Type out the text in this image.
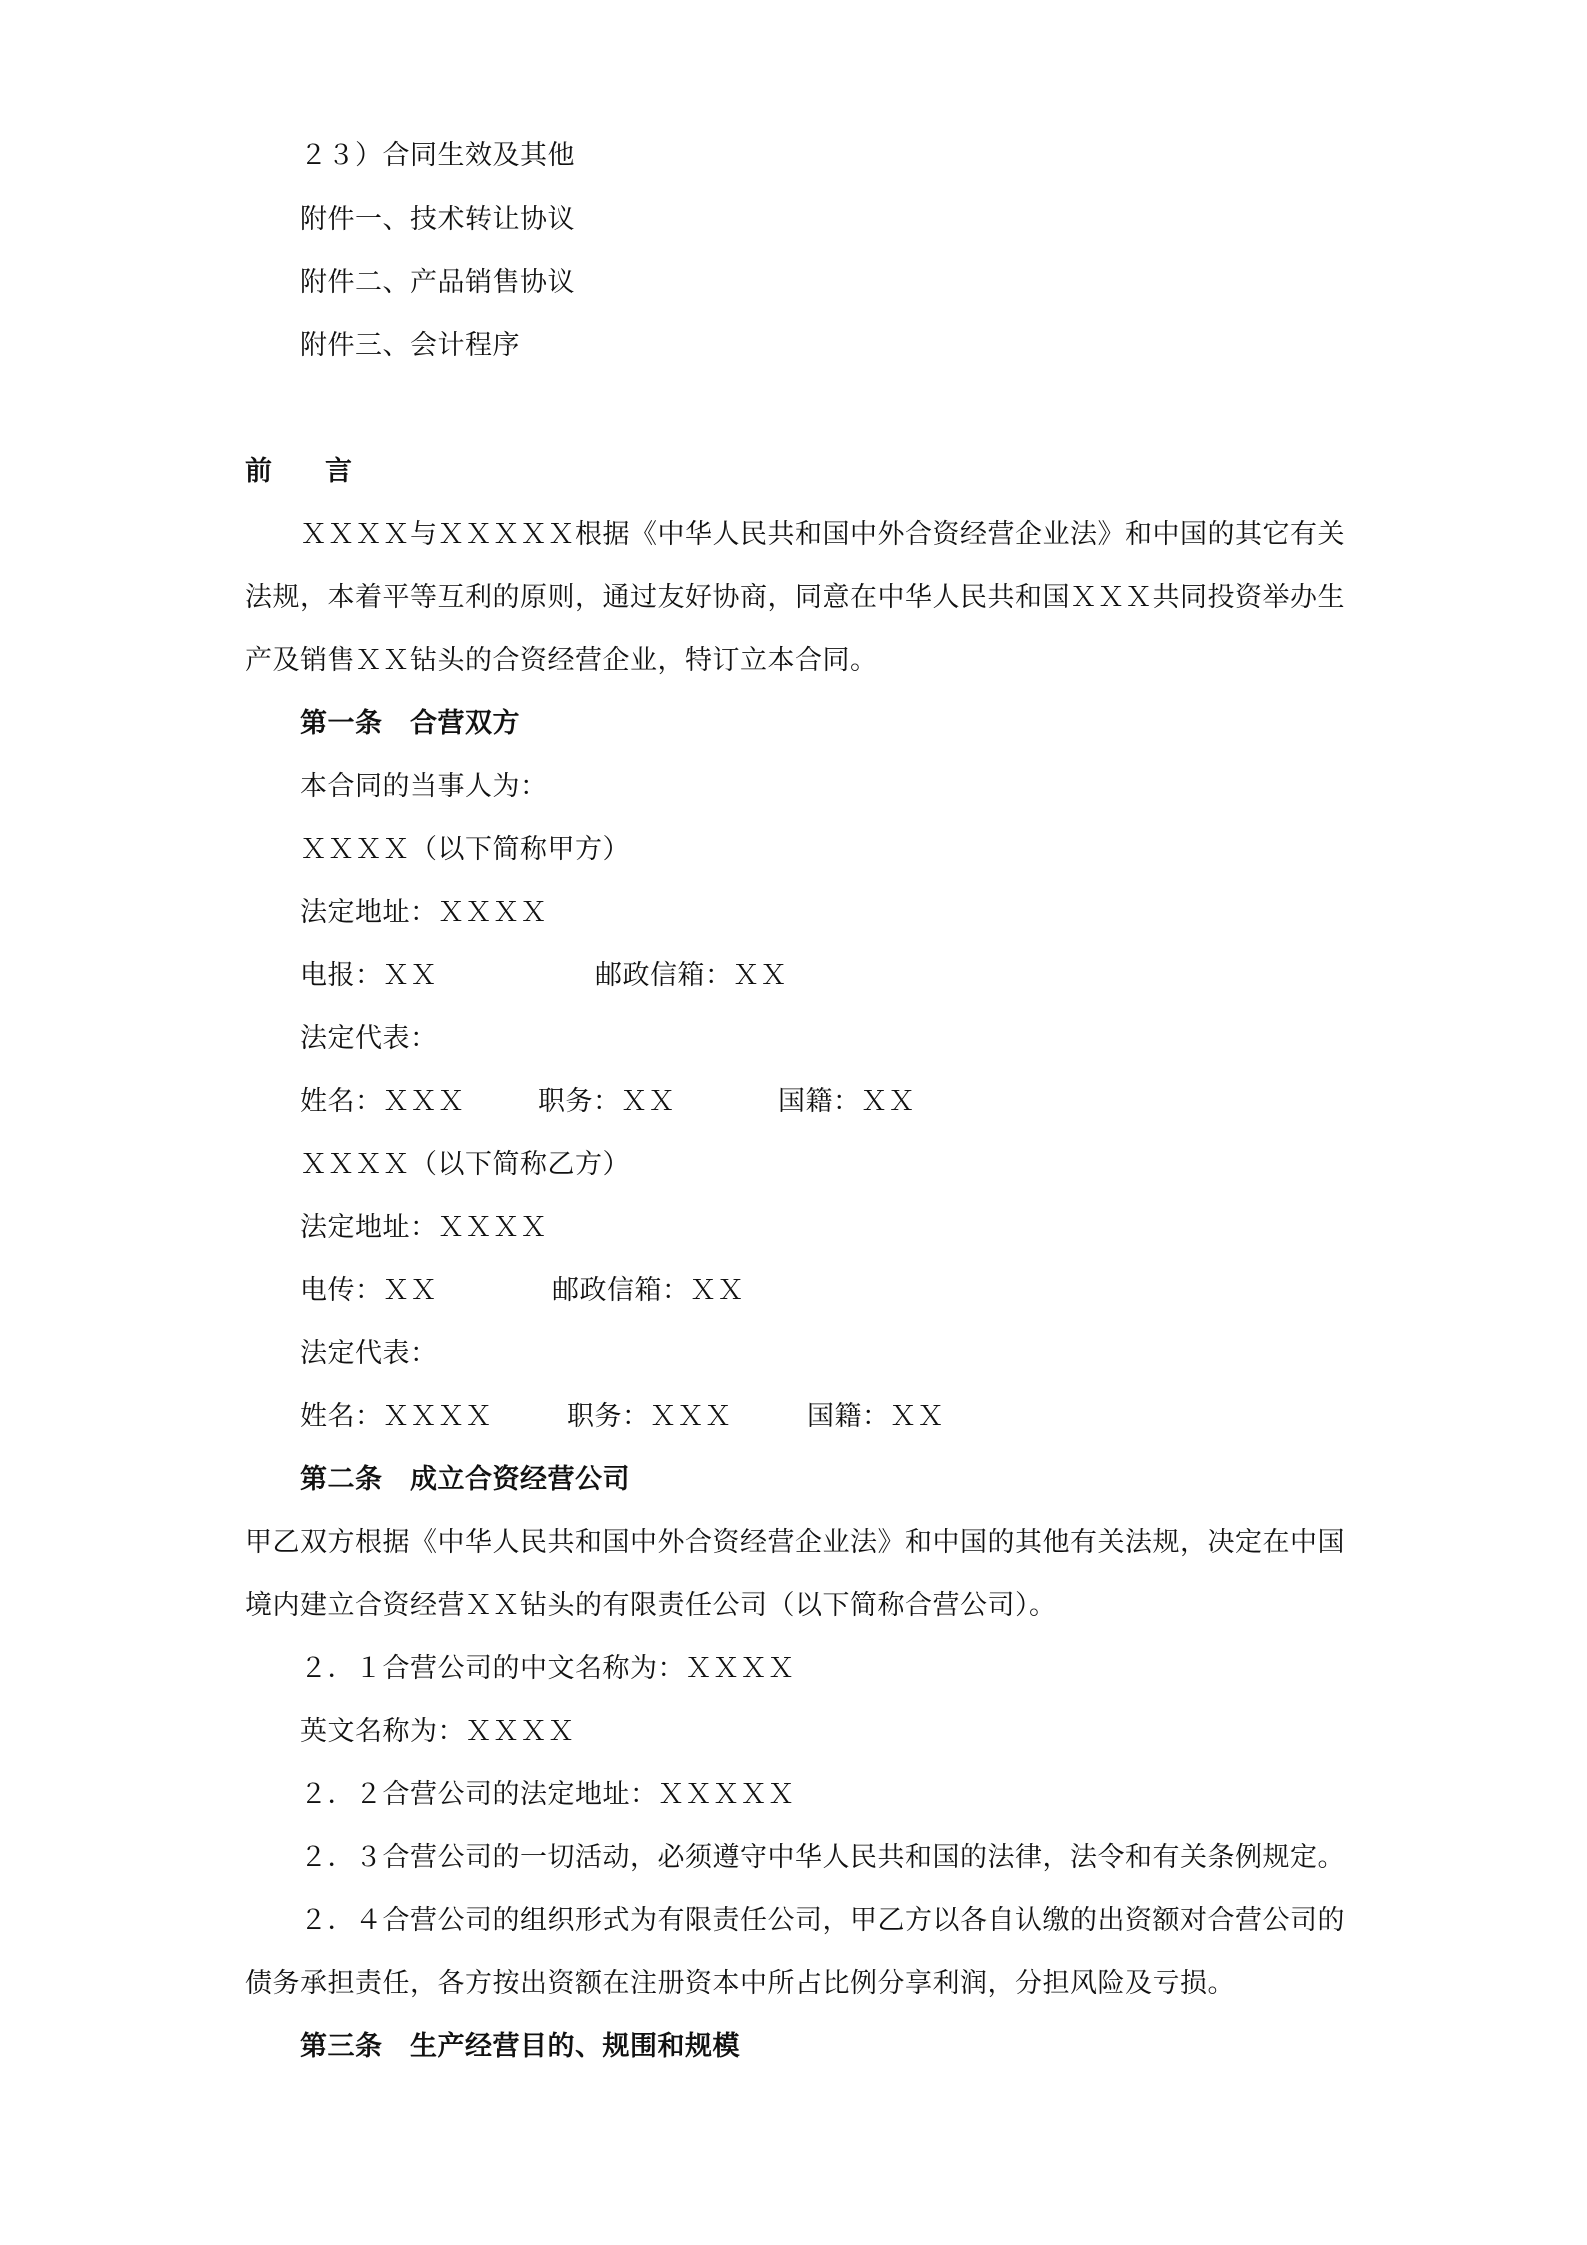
２３）合同生效及其他

附件一、技术转让协议

附件二、产品销售协议

附件三、会计程序

前 言

ＸＸＸＸ与ＸＸＸＸＸ根据《中华人民共和国中外合资经营企业法》和中国的其它有关

法规，本着平等互利的原则，通过友好协商，同意在中华人民共和国ＸＸＸ共同投资举办生

产及销售ＸＸ钻头的合资经营企业，特订立本合同。

第一条　合营双方

本合同的当事人为：

ＸＸＸＸ（以下简称甲方）

法定地址：ＸＸＸＸ

电报：ＸＸ	邮政信箱：ＸＸ

法定代表：

姓名：ＸＸＸ	职务：ＸＸ	国籍：ＸＸ

ＸＸＸＸ（以下简称乙方）

法定地址：ＸＸＸＸ

电传：ＸＸ	邮政信箱：ＸＸ

法定代表：

姓名：ＸＸＸＸ	职务：ＸＸＸ	国籍：ＸＸ
第二条　成立合资经营公司

甲乙双方根据《中华人民共和国中外合资经营企业法》和中国的其他有关法规，决定在中国

境内建立合资经营ＸＸ钻头的有限责任公司（以下简称合营公司）。

２．１合营公司的中文名称为：ＸＸＸＸ

英文名称为：ＸＸＸＸ

２．２合营公司的法定地址：ＸＸＸＸＸ

２．３合营公司的一切活动，必须遵守中华人民共和国的法律，法令和有关条例规定。

２．４合营公司的组织形式为有限责任公司，甲乙方以各自认缴的出资额对合营公司的

债务承担责任，各方按出资额在注册资本中所占比例分享利润，分担风险及亏损。

第三条　生产经营目的、规围和规模
